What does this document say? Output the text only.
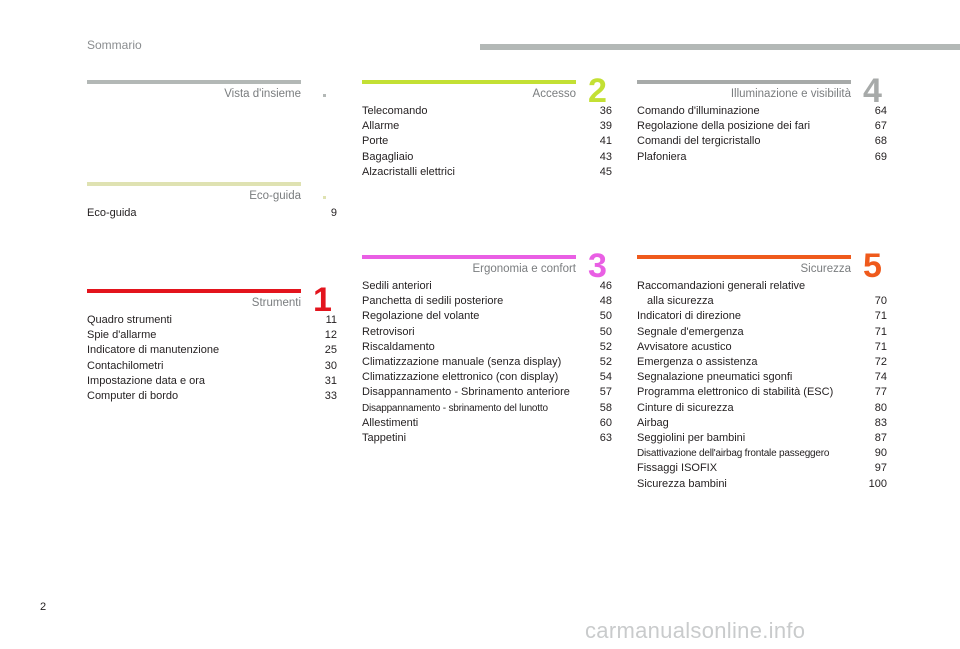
Sommario
Vista d'insieme
Eco-guida
Eco-guida	9
1
Strumenti
Quadro strumenti	11
Spie d'allarme	12
Indicatore di manutenzione	25
Contachilometri	30
Impostazione data e ora	31
Computer di bordo	33
2
Accesso
Telecomando	36
Allarme	39
Porte	41
Bagagliaio	43
Alzacristalli elettrici	45
3
Ergonomia e confort
Sedili anteriori	46
Panchetta di sedili posteriore	48
Regolazione del volante	50
Retrovisori	50
Riscaldamento	52
Climatizzazione manuale (senza display)	52
Climatizzazione elettronico (con display)	54
Disappannamento - Sbrinamento anteriore	57
Disappannamento - sbrinamento del lunotto	58
Allestimenti	60
Tappetini	63
4
Illuminazione e visibilità
Comando d'illuminazione	64
Regolazione della posizione dei fari	67
Comandi del tergicristallo	68
Plafoniera	69
5
Sicurezza
Raccomandazioni generali relative alla sicurezza	70
Indicatori di direzione	71
Segnale d'emergenza	71
Avvisatore acustico	71
Emergenza o assistenza	72
Segnalazione pneumatici sgonfi	74
Programma elettronico di stabilità (ESC)	77
Cinture di sicurezza	80
Airbag	83
Seggiolini per bambini	87
Disattivazione dell'airbag frontale passeggero	90
Fissaggi ISOFIX	97
Sicurezza bambini	100
2
carmanualsonline.info
